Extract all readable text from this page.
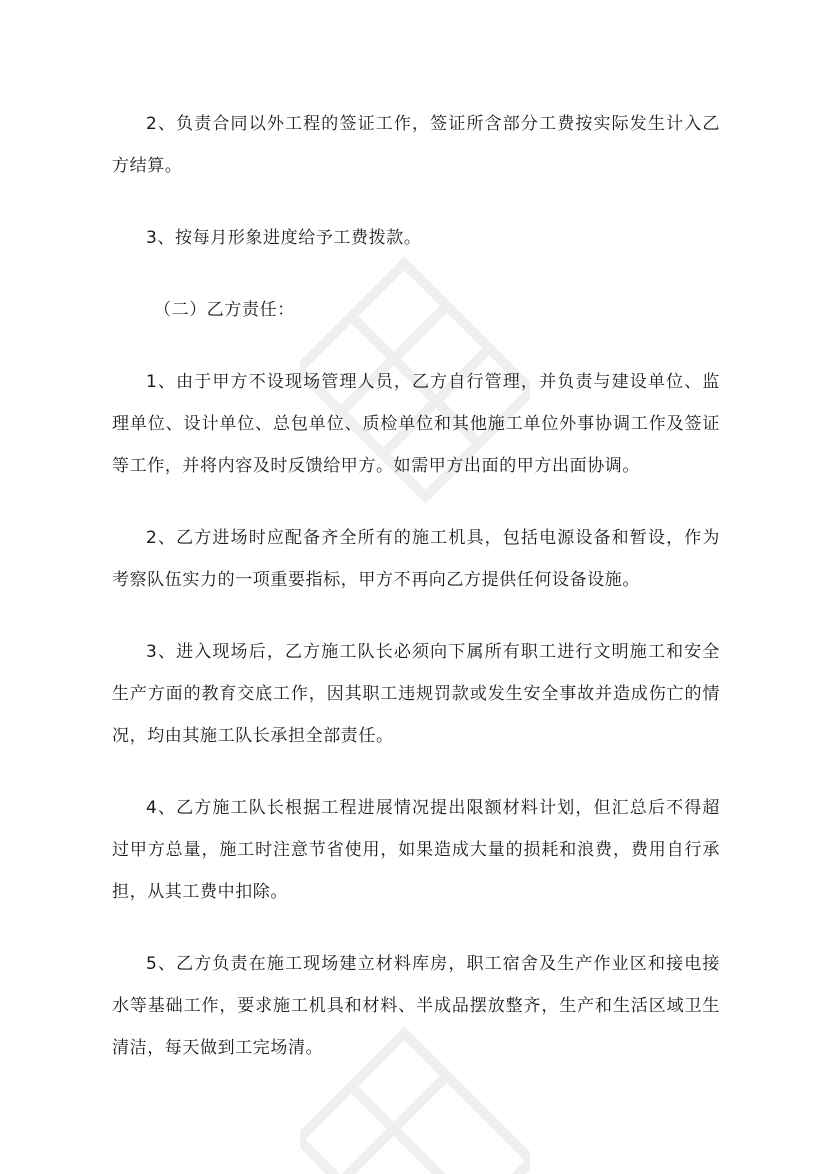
2、负责合同以外工程的签证工作，签证所含部分工费按实际发生计入乙方结算。

3、按每月形象进度给予工费拨款。

（二）乙方责任：

1、由于甲方不设现场管理人员，乙方自行管理，并负责与建设单位、监理单位、设计单位、总包单位、质检单位和其他施工单位外事协调工作及签证等工作，并将内容及时反馈给甲方。如需甲方出面的甲方出面协调。

2、乙方进场时应配备齐全所有的施工机具，包括电源设备和暂设，作为考察队伍实力的一项重要指标，甲方不再向乙方提供任何设备设施。

3、进入现场后，乙方施工队长必须向下属所有职工进行文明施工和安全生产方面的教育交底工作，因其职工违规罚款或发生安全事故并造成伤亡的情况，均由其施工队长承担全部责任。

4、乙方施工队长根据工程进展情况提出限额材料计划，但汇总后不得超过甲方总量，施工时注意节省使用，如果造成大量的损耗和浪费，费用自行承担，从其工费中扣除。

5、乙方负责在施工现场建立材料库房，职工宿舍及生产作业区和接电接水等基础工作，要求施工机具和材料、半成品摆放整齐，生产和生活区域卫生清洁，每天做到工完场清。
